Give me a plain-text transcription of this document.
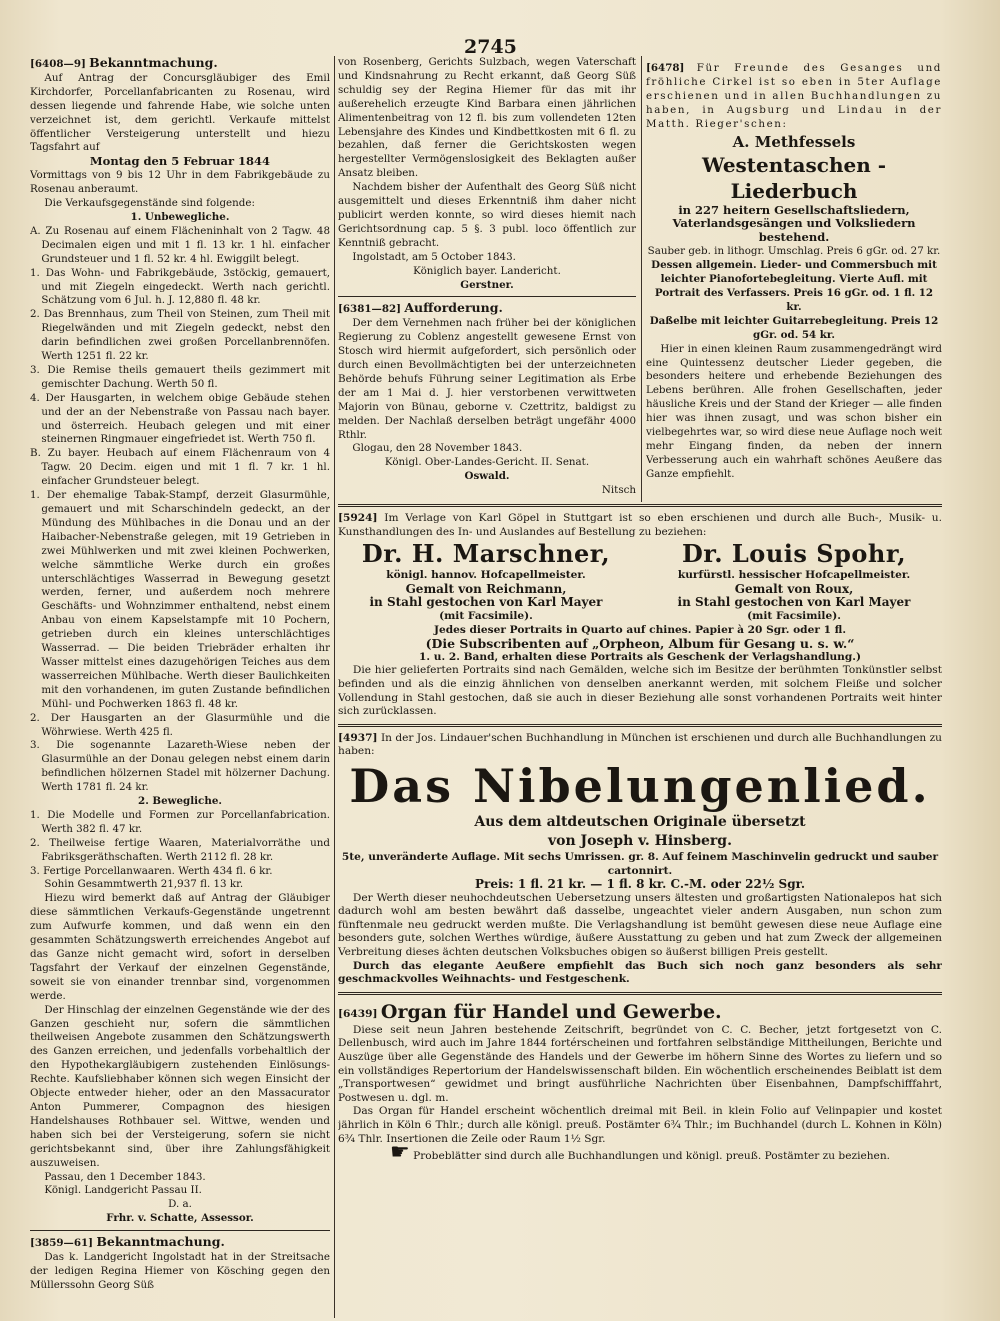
2745

[6408—9] Bekanntmachung.

Auf Antrag der Concursgläubiger des Emil Kirchdorfer, Porcellanfabricanten zu Rosenau, wird dessen liegende und fahrende Habe, wie solche unten verzeichnet ist, dem gerichtl. Verkaufe mittelst öffentlicher Versteigerung unterstellt und hiezu Tagsfahrt auf

Montag den 5 Februar 1844

Vormittags von 9 bis 12 Uhr in dem Fabrikgebäude zu Rosenau anberaumt.

Die Verkaufsgegenstände sind folgende:

1. Unbewegliche.

A. Zu Rosenau auf einem Flächeninhalt von 2 Tagw. 48 Decimalen eigen und mit 1 fl. 13 kr. 1 hl. einfacher Grundsteuer und 1 fl. 52 kr. 4 hl. Ewiggilt belegt.

1. Das Wohn- und Fabrikgebäude, 3stöckig, gemauert, und mit Ziegeln eingedeckt. Werth nach gerichtl. Schätzung vom 6 Jul. h. J. 12,880 fl. 48 kr.

2. Das Brennhaus, zum Theil von Steinen, zum Theil mit Riegelwänden und mit Ziegeln gedeckt, nebst den darin befindlichen zwei großen Porcellanbrennöfen. Werth 1251 fl. 22 kr.

3. Die Remise theils gemauert theils gezimmert mit gemischter Dachung. Werth 50 fl.

4. Der Hausgarten, in welchem obige Gebäude stehen und der an der Nebenstraße von Passau nach bayer. und österreich. Heubach gelegen und mit einer steinernen Ringmauer eingefriedet ist. Werth 750 fl.

B. Zu bayer. Heubach auf einem Flächenraum von 4 Tagw. 20 Decim. eigen und mit 1 fl. 7 kr. 1 hl. einfacher Grundsteuer belegt.

1. Der ehemalige Tabak-Stampf, derzeit Glasurmühle, gemauert und mit Scharschindeln gedeckt, an der Mündung des Mühlbaches in die Donau und an der Haibacher-Nebenstraße gelegen, mit 19 Getrieben in zwei Mühlwerken und mit zwei kleinen Pochwerken, welche sämmtliche Werke durch ein großes unterschlächtiges Wasserrad in Bewegung gesetzt werden, ferner, und außerdem noch mehrere Geschäfts- und Wohnzimmer enthaltend, nebst einem Anbau von einem Kapselstampfe mit 10 Pochern, getrieben durch ein kleines unterschlächtiges Wasserrad. — Die beiden Triebräder erhalten ihr Wasser mittelst eines dazugehörigen Teiches aus dem wasserreichen Mühlbache. Werth dieser Baulichkeiten mit den vorhandenen, im guten Zustande befindlichen Mühl- und Pochwerken 1863 fl. 48 kr.

2. Der Hausgarten an der Glasurmühle und die Wöhrwiese. Werth 425 fl.

3. Die sogenannte Lazareth-Wiese neben der Glasurmühle an der Donau gelegen nebst einem darin befindlichen hölzernen Stadel mit hölzerner Dachung. Werth 1781 fl. 24 kr.

2. Bewegliche.

1. Die Modelle und Formen zur Porcellanfabrication. Werth 382 fl. 47 kr.

2. Theilweise fertige Waaren, Materialvorräthe und Fabriksgeräthschaften. Werth 2112 fl. 28 kr.

3. Fertige Porcellanwaaren. Werth 434 fl. 6 kr.

Sohin Gesammtwerth 21,937 fl. 13 kr.

Hiezu wird bemerkt daß auf Antrag der Gläubiger diese sämmtlichen Verkaufs-Gegenstände ungetrennt zum Aufwurfe kommen, und daß wenn ein den gesammten Schätzungswerth erreichendes Angebot auf das Ganze nicht gemacht wird, sofort in derselben Tagsfahrt der Verkauf der einzelnen Gegenstände, soweit sie von einander trennbar sind, vorgenommen werde.

Der Hinschlag der einzelnen Gegenstände wie der des Ganzen geschieht nur, sofern die sämmtlichen theilweisen Angebote zusammen den Schätzungswerth des Ganzen erreichen, und jedenfalls vorbehaltlich der den Hypothekargläubigern zustehenden Einlösungs-Rechte. Kaufsliebhaber können sich wegen Einsicht der Objecte entweder hieher, oder an den Massacurator Anton Pummerer, Compagnon des hiesigen Handelshauses Rothbauer sel. Wittwe, wenden und haben sich bei der Versteigerung, sofern sie nicht gerichtsbekannt sind, über ihre Zahlungsfähigkeit auszuweisen.

Passau, den 1 December 1843.

Königl. Landgericht Passau II.

D. a.

Frhr. v. Schatte, Assessor.

[3859—61] Bekanntmachung.

Das k. Landgericht Ingolstadt hat in der Streitsache der ledigen Regina Hiemer von Kösching gegen den Müllerssohn Georg Süß

von Rosenberg, Gerichts Sulzbach, wegen Vaterschaft und Kindsnahrung zu Recht erkannt, daß Georg Süß schuldig sey der Regina Hiemer für das mit ihr außerehelich erzeugte Kind Barbara einen jährlichen Alimentenbeitrag von 12 fl. bis zum vollendeten 12ten Lebensjahre des Kindes und Kindbettkosten mit 6 fl. zu bezahlen, daß ferner die Gerichtskosten wegen hergestellter Vermögenslosigkeit des Beklagten außer Ansatz bleiben.

Nachdem bisher der Aufenthalt des Georg Süß nicht ausgemittelt und dieses Erkenntniß ihm daher nicht publicirt werden konnte, so wird dieses hiemit nach Gerichtsordnung cap. 5 §. 3 publ. loco öffentlich zur Kenntniß gebracht.

Ingolstadt, am 5 October 1843.

Königlich bayer. Landericht.

Gerstner.

[6381—82] Aufforderung.

Der dem Vernehmen nach früher bei der königlichen Regierung zu Coblenz angestellt gewesene Ernst von Stosch wird hiermit aufgefordert, sich persönlich oder durch einen Bevollmächtigten bei der unterzeichneten Behörde behufs Führung seiner Legitimation als Erbe der am 1 Mai d. J. hier verstorbenen verwittweten Majorin von Bünau, geborne v. Czettritz, baldigst zu melden. Der Nachlaß derselben beträgt ungefähr 4000 Rthlr.

Glogau, den 28 November 1843.

Königl. Ober-Landes-Gericht. II. Senat.

Oswald.

Nitsch

[6478] Für Freunde des Gesanges und fröhliche Cirkel ist so eben in 5ter Auflage erschienen und in allen Buchhandlungen zu haben, in Augsburg und Lindau in der Matth. Rieger'schen:

A. Methfessels

Westentaschen - Liederbuch

in 227 heitern Gesellschaftsliedern, Vaterlandsgesängen und Volksliedern bestehend.

Sauber geb. in lithogr. Umschlag. Preis 6 gGr. od. 27 kr.

Dessen allgemein. Lieder- und Commersbuch mit leichter Pianofortebegleitung. Vierte Aufl. mit Portrait des Verfassers. Preis 16 gGr. od. 1 fl. 12 kr.

Daßelbe mit leichter Guitarrebegleitung. Preis 12 gGr. od. 54 kr.

Hier in einen kleinen Raum zusammengedrängt wird eine Quintessenz deutscher Lieder gegeben, die besonders heitere und erhebende Beziehungen des Lebens berühren. Alle frohen Gesellschaften, jeder häusliche Kreis und der Stand der Krieger — alle finden hier was ihnen zusagt, und was schon bisher ein vielbegehrtes war, so wird diese neue Auflage noch weit mehr Eingang finden, da neben der innern Verbesserung auch ein wahrhaft schönes Aeußere das Ganze empfiehlt.

[5924] Im Verlage von Karl Göpel in Stuttgart ist so eben erschienen und durch alle Buch-, Musik- u. Kunsthandlungen des In- und Auslandes auf Bestellung zu beziehen:

Dr. H. Marschner,

königl. hannov. Hofcapellmeister.

Gemalt von Reichmann,

in Stahl gestochen von Karl Mayer

(mit Facsimile).

Dr. Louis Spohr,

kurfürstl. hessischer Hofcapellmeister.

Gemalt von Roux,

in Stahl gestochen von Karl Mayer

(mit Facsimile).

Jedes dieser Portraits in Quarto auf chines. Papier à 20 Sgr. oder 1 fl.

(Die Subscribenten auf „Orpheon, Album für Gesang u. s. w.“

1. u. 2. Band, erhalten diese Portraits als Geschenk der Verlagshandlung.)

Die hier gelieferten Portraits sind nach Gemälden, welche sich im Besitze der berühmten Tonkünstler selbst befinden und als die einzig ähnlichen von denselben anerkannt werden, mit solchem Fleiße und solcher Vollendung in Stahl gestochen, daß sie auch in dieser Beziehung alle sonst vorhandenen Portraits weit hinter sich zurücklassen.

[4937] In der Jos. Lindauer'schen Buchhandlung in München ist erschienen und durch alle Buchhandlungen zu haben:

Das Nibelungenlied.

Aus dem altdeutschen Originale übersetzt

von Joseph v. Hinsberg.

5te, unveränderte Auflage. Mit sechs Umrissen. gr. 8. Auf feinem Maschinvelin gedruckt und sauber cartonnirt.

Preis: 1 fl. 21 kr. — 1 fl. 8 kr. C.-M. oder 22½ Sgr.

Der Werth dieser neuhochdeutschen Uebersetzung unsers ältesten und großartigsten Nationalepos hat sich dadurch wohl am besten bewährt daß dasselbe, ungeachtet vieler andern Ausgaben, nun schon zum fünftenmale neu gedruckt werden mußte. Die Verlagshandlung ist bemüht gewesen diese neue Auflage eine besonders gute, solchen Werthes würdige, äußere Ausstattung zu geben und hat zum Zweck der allgemeinen Verbreitung dieses ächten deutschen Volksbuches obigen so äußerst billigen Preis gestellt.

Durch das elegante Aeußere empfiehlt das Buch sich noch ganz besonders als sehr geschmackvolles Weihnachts- und Festgeschenk.

[6439] Organ für Handel und Gewerbe.

Diese seit neun Jahren bestehende Zeitschrift, begründet von C. C. Becher, jetzt fortgesetzt von C. Dellenbusch, wird auch im Jahre 1844 fortérscheinen und fortfahren selbständige Mittheilungen, Berichte und Auszüge über alle Gegenstände des Handels und der Gewerbe im höhern Sinne des Wortes zu liefern und so ein vollständiges Repertorium der Handelswissenschaft bilden. Ein wöchentlich erscheinendes Beiblatt ist dem „Transportwesen“ gewidmet und bringt ausführliche Nachrichten über Eisenbahnen, Dampfschifffahrt, Postwesen u. dgl. m.

Das Organ für Handel erscheint wöchentlich dreimal mit Beil. in klein Folio auf Velinpapier und kostet jährlich in Köln 6 Thlr.; durch alle königl. preuß. Postämter 6¾ Thlr.; im Buchhandel (durch L. Kohnen in Köln) 6¾ Thlr. Insertionen die Zeile oder Raum 1½ Sgr.

☛ Probeblätter sind durch alle Buchhandlungen und königl. preuß. Postämter zu beziehen.
